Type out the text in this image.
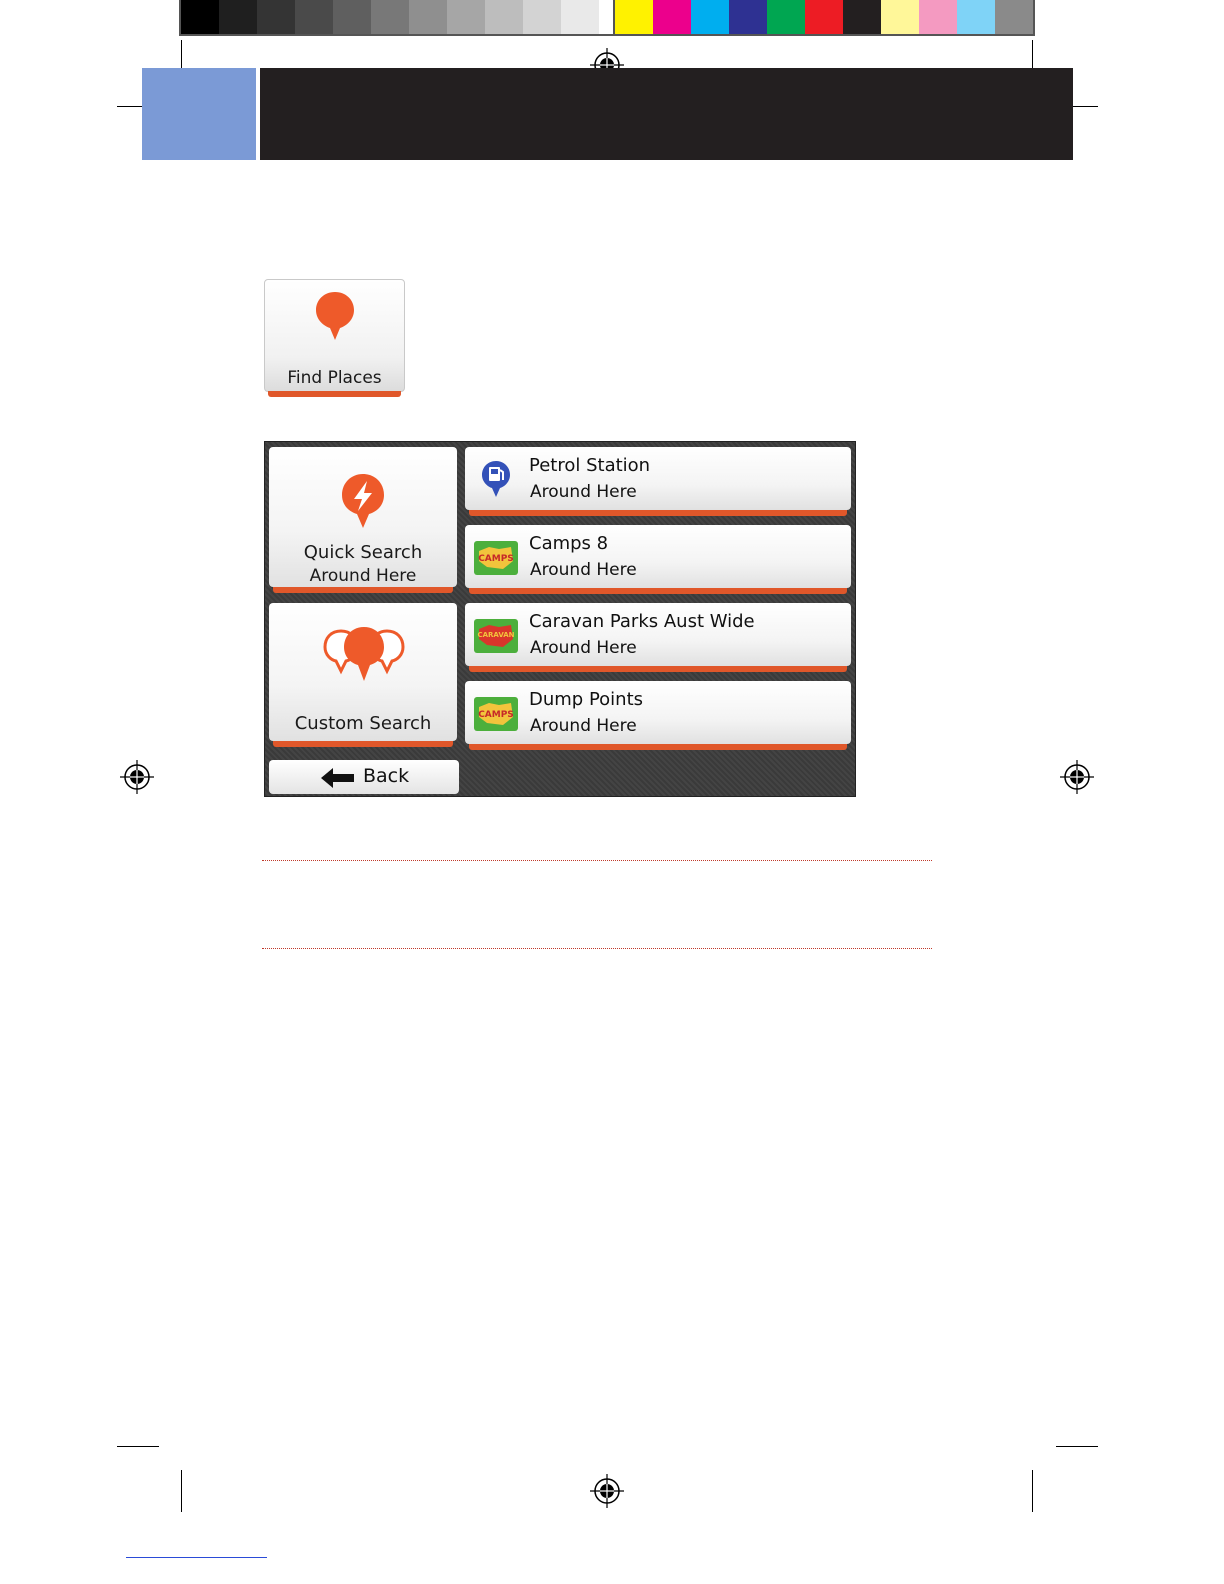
Find Places
Quick Search
Around Here
Custom Search
Back
Petrol Station
Around Here
CAMPS
Camps 8
Around Here
CARAVAN
Caravan Parks Aust Wide
Around Here
CAMPS
Dump Points
Around Here
